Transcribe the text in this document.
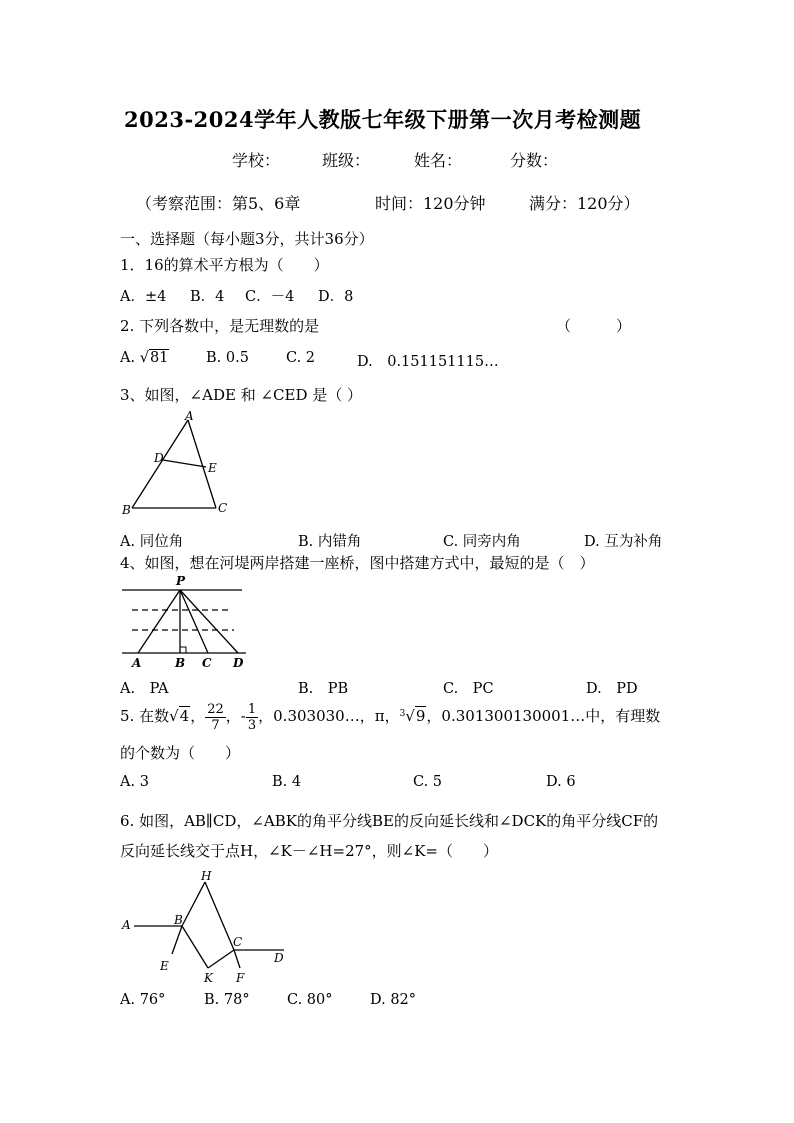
2023-2024学年人教版七年级下册第一次月考检测题
学校：	班级：	姓名：	分数：
（考察范围：第5、6章	时间：120分钟	满分：120分）
一、选择题（每小题3分，共计36分）
1．16的算术平方根为（　　）
A．±4 B．4 C．－4 D．8
2. 下列各数中，是无理数的是	（　　　）
A. √81	B. 0.5	C. 2	D.　0.151151115…
3、如图，∠ADE 和 ∠CED 是（ ）
A
D
E
B	C
A. 同位角	B. 内错角	C. 同旁内角	D. 互为补角
4、如图，想在河堤两岸搭建一座桥，图中搭建方式中，最短的是（　）
P
A	B C D
A.　PA	B.　PB	C.　PC	D.　PD
5. 在数√4， $\frac{22}{7}$ ，- $\frac{1}{3}$ ，0.303030…，π，$^3$√9，0.301300130001…中，有理数
的个数为（　　）
A. 3	B. 4	C. 5	D. 6
6. 如图，AB∥CD，∠ABK的角平分线BE的反向延长线和∠DCK的角平分线CF的
反向延长线交于点H，∠K－∠H=27°，则∠K=（　　）
H
A	B
C
D
E
K F
A. 76°	B. 78°	C. 80°	D. 82°
